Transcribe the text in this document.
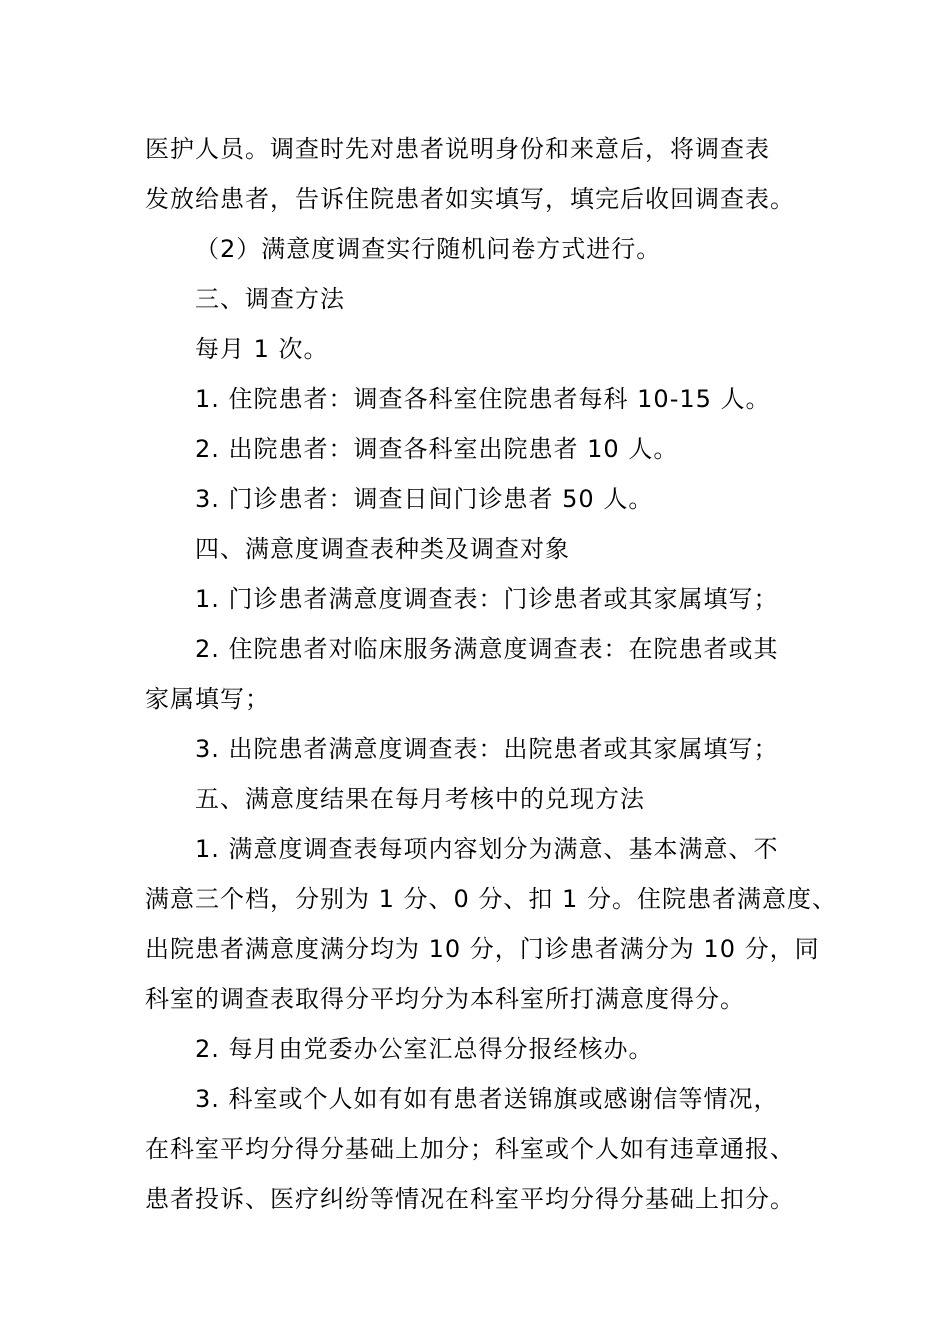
医护人员。调查时先对患者说明身份和来意后，将调查表
发放给患者，告诉住院患者如实填写，填完后收回调查表。
（2）满意度调查实行随机问卷方式进行。
三、调查方法
每月 1 次。
1. 住院患者：调查各科室住院患者每科 10-15 人。
2. 出院患者：调查各科室出院患者 10 人。
3. 门诊患者：调查日间门诊患者 50 人。
四、满意度调查表种类及调查对象
1. 门诊患者满意度调查表：门诊患者或其家属填写；
2. 住院患者对临床服务满意度调查表：在院患者或其
家属填写；
3. 出院患者满意度调查表：出院患者或其家属填写；
五、满意度结果在每月考核中的兑现方法
1. 满意度调查表每项内容划分为满意、基本满意、不
满意三个档，分别为 1 分、0 分、扣 1 分。住院患者满意度、
出院患者满意度满分均为 10 分，门诊患者满分为 10 分，同
科室的调查表取得分平均分为本科室所打满意度得分。
2. 每月由党委办公室汇总得分报经核办。
3. 科室或个人如有如有患者送锦旗或感谢信等情况，
在科室平均分得分基础上加分；科室或个人如有违章通报、
患者投诉、医疗纠纷等情况在科室平均分得分基础上扣分。
